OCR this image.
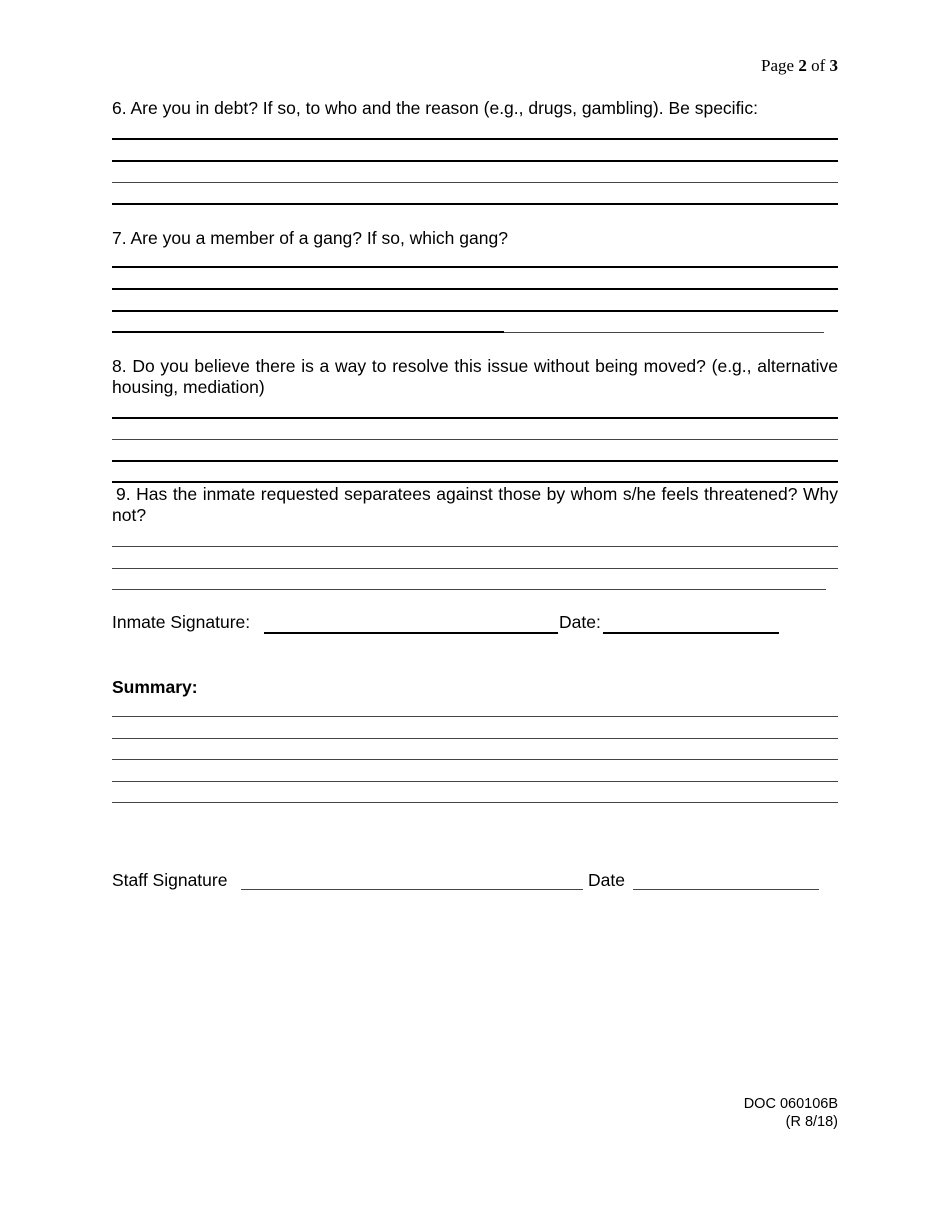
Page 2 of 3
6. Are you in debt? If so, to who and the reason (e.g., drugs, gambling). Be specific:
7. Are you a member of a gang? If so, which gang?
8. Do you believe there is a way to resolve this issue without being moved? (e.g., alternative housing, mediation)
9. Has the inmate requested separatees against those by whom s/he feels threatened? Why not?
Inmate Signature:	Date:
Summary:
Staff Signature	Date
DOC 060106B
(R 8/18)
